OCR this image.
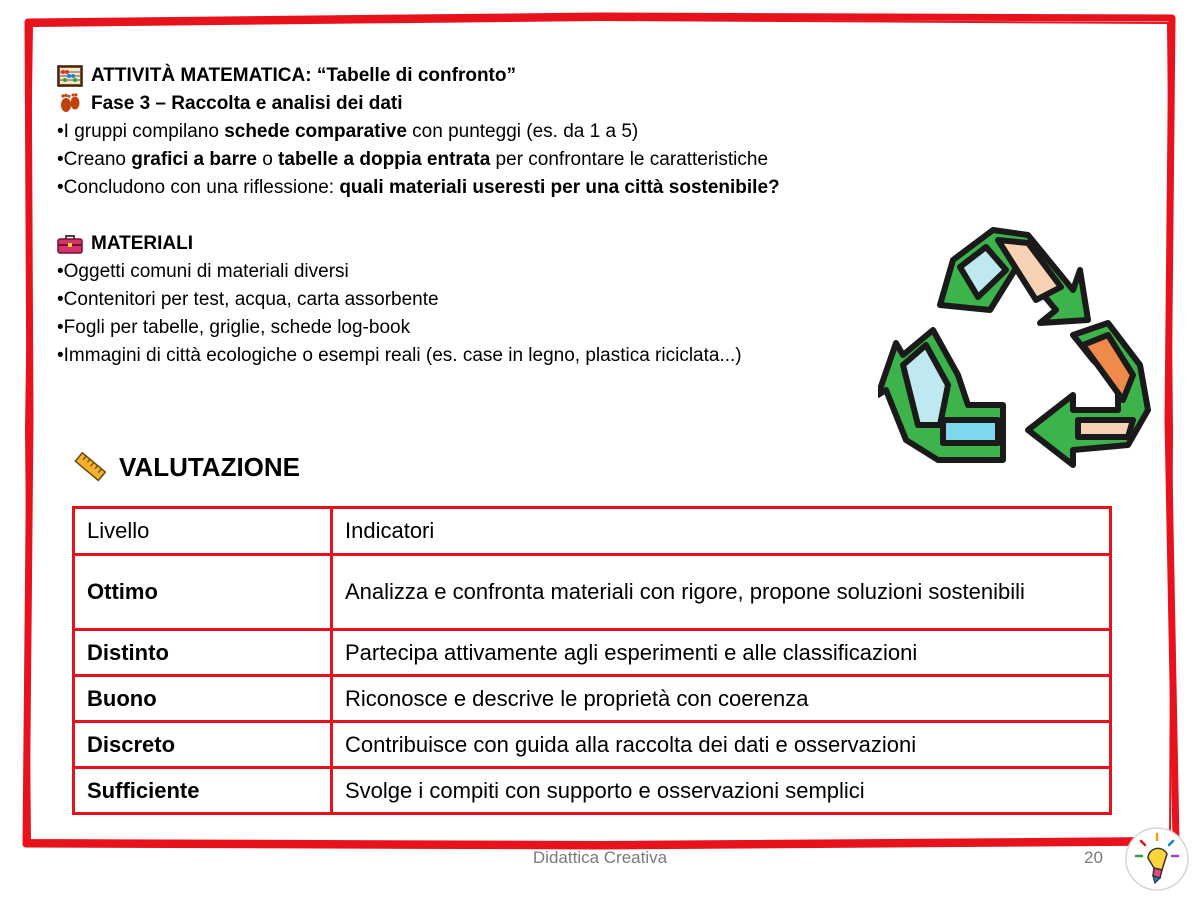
ATTIVITÀ MATEMATICA: “Tabelle di confronto”
Fase 3 – Raccolta e analisi dei dati
•I gruppi compilano schede comparative con punteggi (es. da 1 a 5)
•Creano grafici a barre o tabelle a doppia entrata per confrontare le caratteristiche
•Concludono con una riflessione: quali materiali useresti per una città sostenibile?
MATERIALI
•Oggetti comuni di materiali diversi
•Contenitori per test, acqua, carta assorbente
•Fogli per tabelle, griglie, schede log-book
•Immagini di città ecologiche o esempi reali (es. case in legno, plastica riciclata...)
VALUTAZIONE
Livello	Indicatori
Ottimo	Analizza e confronta materiali con rigore, propone soluzioni sostenibili
Distinto	Partecipa attivamente agli esperimenti e alle classificazioni
Buono	Riconosce e descrive le proprietà con coerenza
Discreto	Contribuisce con guida alla raccolta dei dati e osservazioni
Sufficiente	Svolge i compiti con supporto e osservazioni semplici
Didattica Creativa	20
